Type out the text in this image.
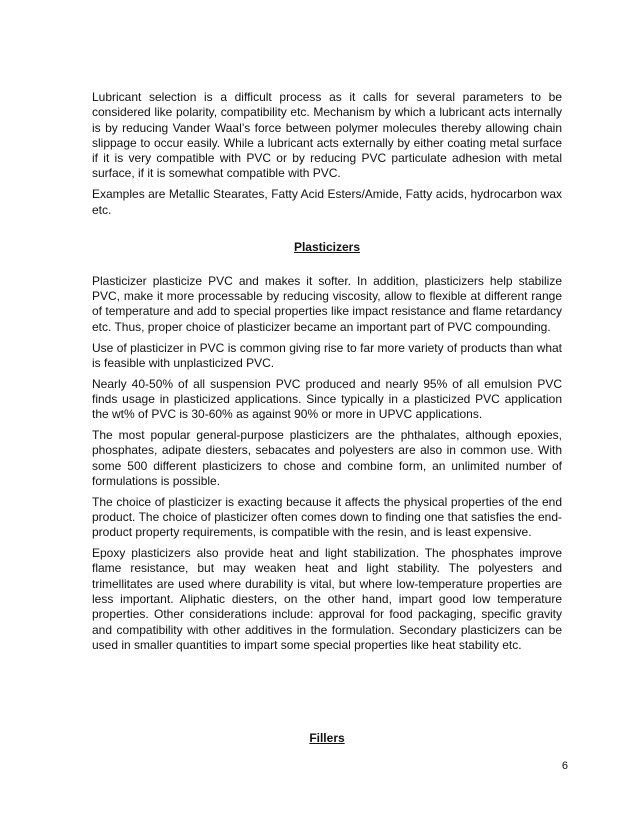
Lubricant selection is a difficult process as it calls for several parameters to be considered like polarity, compatibility etc. Mechanism by which a lubricant acts internally is by reducing Vander Waal’s force between polymer molecules thereby allowing chain slippage to occur easily. While a lubricant acts externally by either coating metal surface if it is very compatible with PVC or by reducing PVC particulate adhesion with metal surface, if it is somewhat compatible with PVC.

Examples are Metallic Stearates, Fatty Acid Esters/Amide, Fatty acids, hydrocarbon wax etc.

Plasticizers

Plasticizer plasticize PVC and makes it softer. In addition, plasticizers help stabilize PVC, make it more processable by reducing viscosity, allow to flexible at different range of temperature and add to special properties like impact resistance and flame retardancy etc. Thus, proper choice of plasticizer became an important part of PVC compounding.

Use of plasticizer in PVC is common giving rise to far more variety of products than what is feasible with unplasticized PVC.

Nearly 40-50% of all suspension PVC produced and nearly 95% of all emulsion PVC finds usage in plasticized applications. Since typically in a plasticized PVC application the wt% of PVC is 30-60% as against 90% or more in UPVC applications.

The most popular general-purpose plasticizers are the phthalates, although epoxies, phosphates, adipate diesters, sebacates and polyesters are also in common use. With some 500 different plasticizers to chose and combine form, an unlimited number of formulations is possible.

The choice of plasticizer is exacting because it affects the physical properties of the end product. The choice of plasticizer often comes down to finding one that satisfies the end-product property requirements, is compatible with the resin, and is least expensive.

Epoxy plasticizers also provide heat and light stabilization. The phosphates improve flame resistance, but may weaken heat and light stability. The polyesters and trimellitates are used where durability is vital, but where low-temperature properties are less important. Aliphatic diesters, on the other hand, impart good low temperature properties. Other considerations include: approval for food packaging, specific gravity and compatibility with other additives in the formulation. Secondary plasticizers can be used in smaller quantities to impart some special properties like heat stability etc.

Fillers
6
